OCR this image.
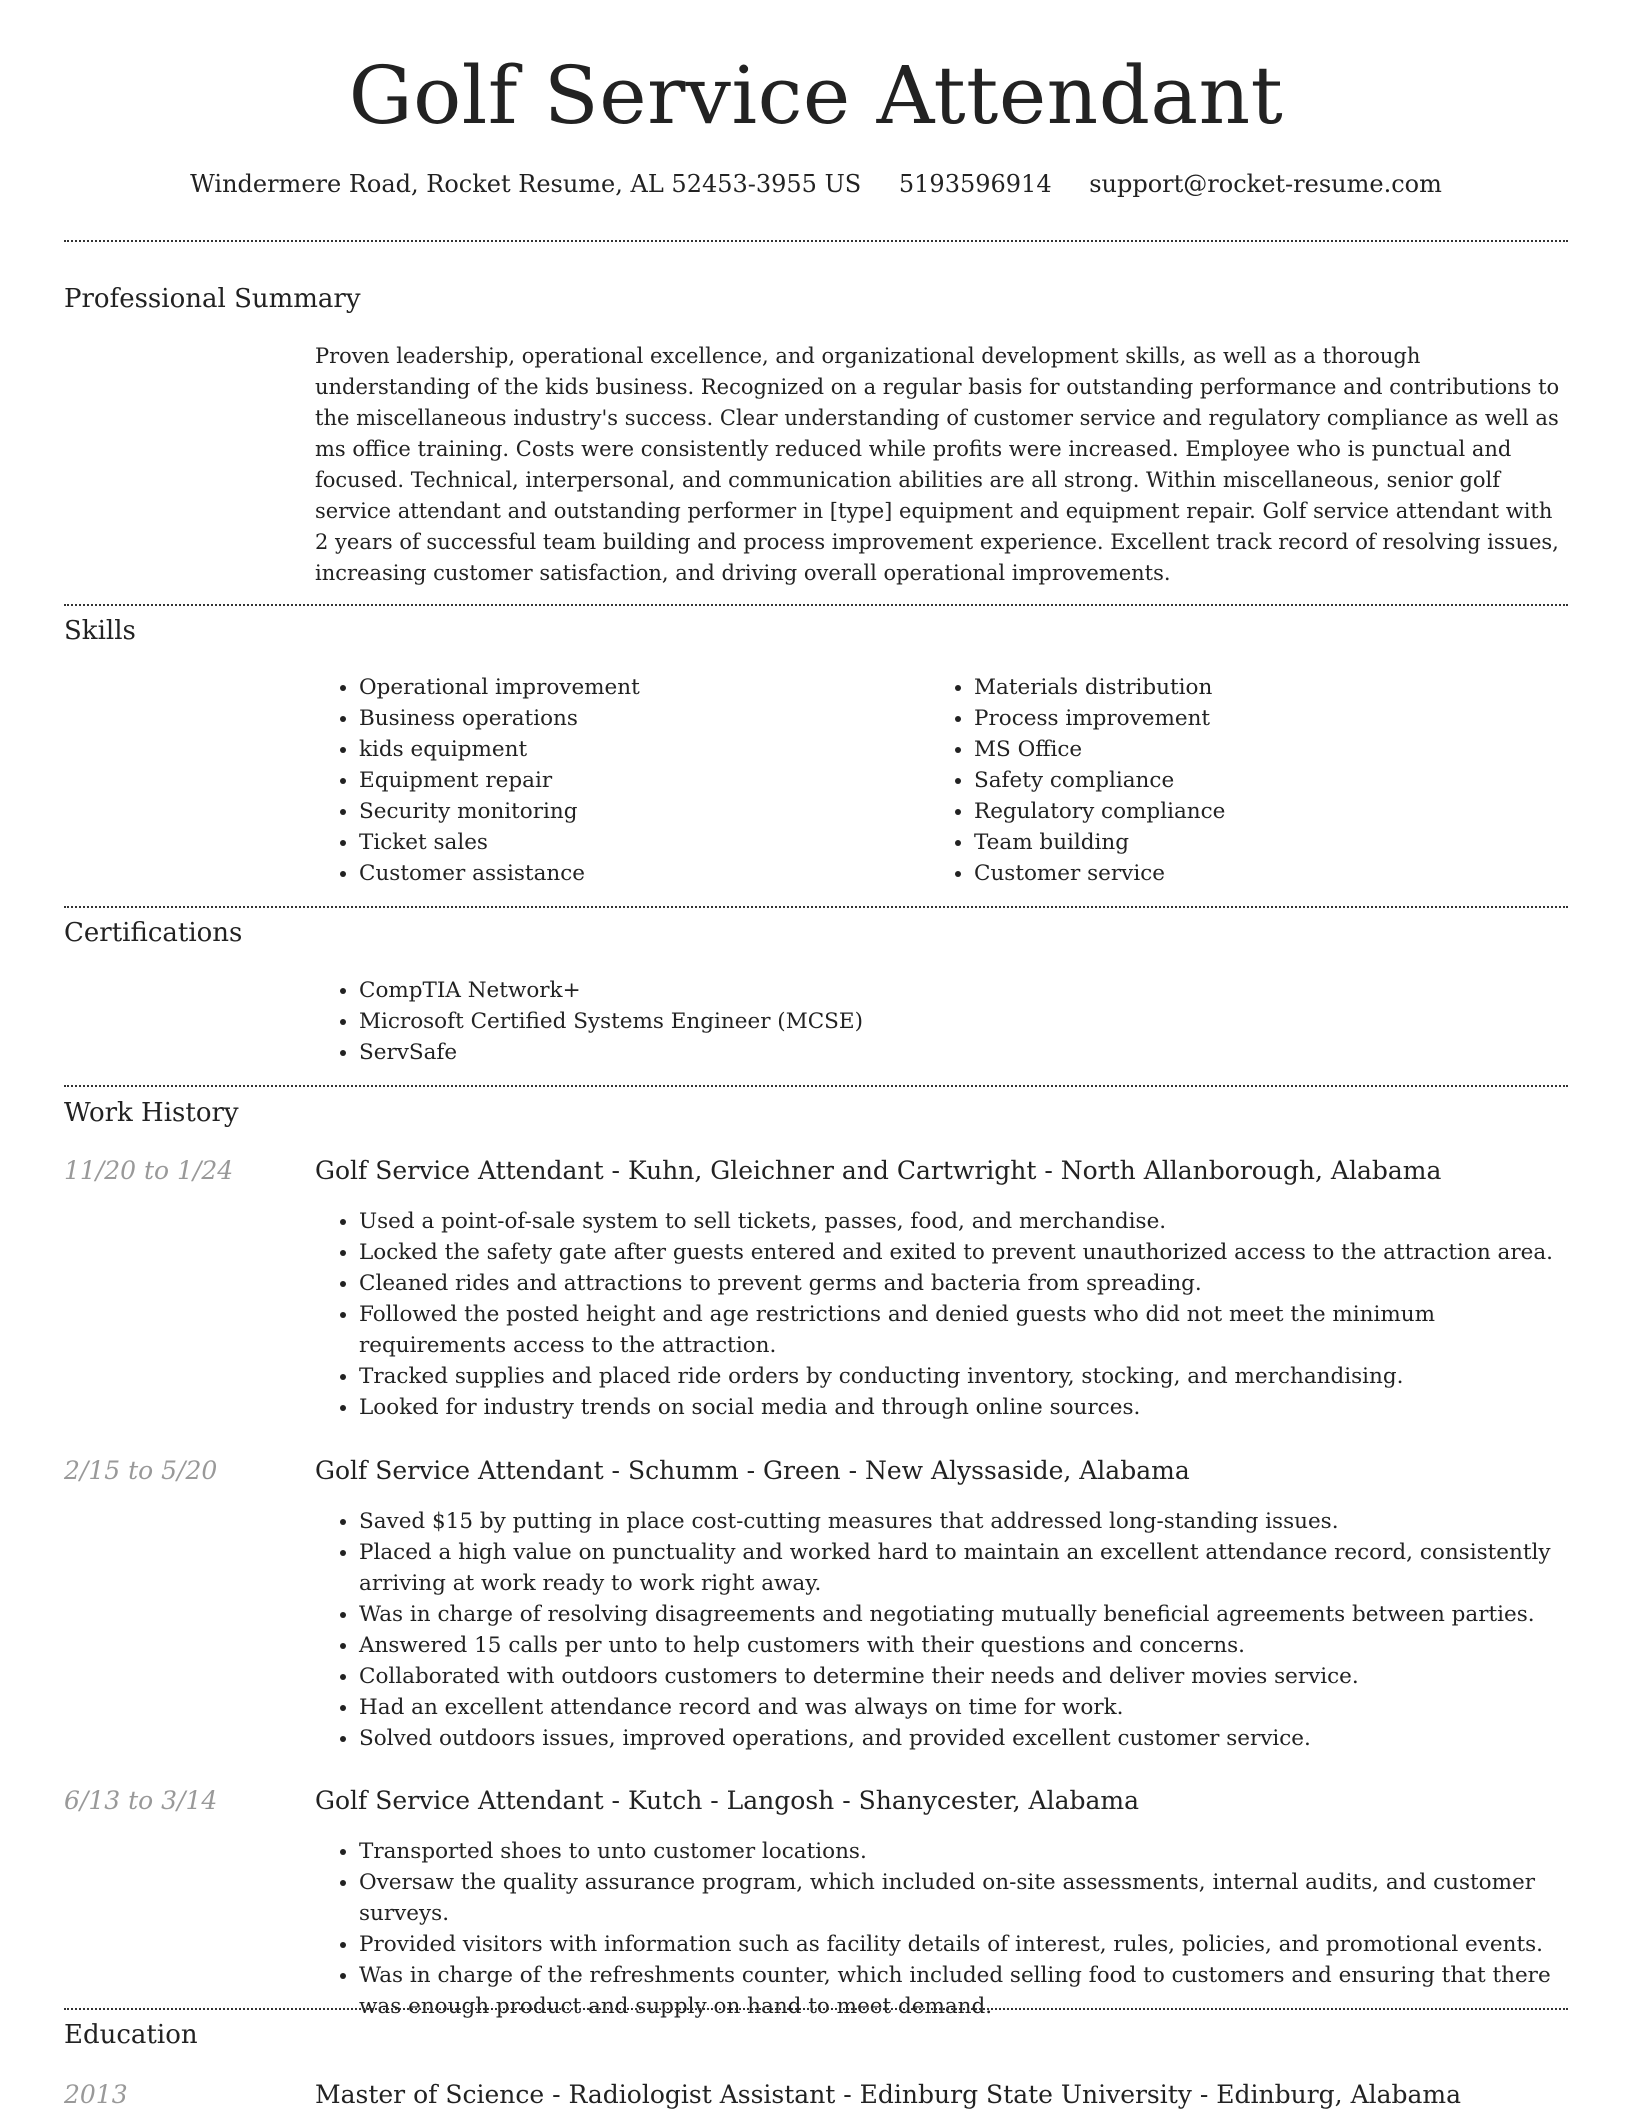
Golf Service Attendant
Windermere Road, Rocket Resume, AL 52453-3955 US 5193596914 support@rocket-resume.com
Professional Summary

Proven leadership, operational excellence, and organizational development skills, as well as a thorough understanding of the kids business. Recognized on a regular basis for outstanding performance and contributions to the miscellaneous industry's success. Clear understanding of customer service and regulatory compliance as well as ms office training. Costs were consistently reduced while profits were increased. Employee who is punctual and focused. Technical, interpersonal, and communication abilities are all strong. Within miscellaneous, senior golf service attendant and outstanding performer in [type] equipment and equipment repair. Golf service attendant with 2 years of successful team building and process improvement experience. Excellent track record of resolving issues, increasing customer satisfaction, and driving overall operational improvements.

Skills
• Operational improvement
• Business operations
• kids equipment
• Equipment repair
• Security monitoring
• Ticket sales
• Customer assistance
• Materials distribution
• Process improvement
• MS Office
• Safety compliance
• Regulatory compliance
• Team building
• Customer service
Certifications
• CompTIA Network+
• Microsoft Certified Systems Engineer (MCSE)
• ServSafe
Work History
11/20 to 1/24	Golf Service Attendant - Kuhn, Gleichner and Cartwright - North Allanborough, Alabama
• Used a point-of-sale system to sell tickets, passes, food, and merchandise.
• Locked the safety gate after guests entered and exited to prevent unauthorized access to the attraction area.
• Cleaned rides and attractions to prevent germs and bacteria from spreading.
• Followed the posted height and age restrictions and denied guests who did not meet the minimum requirements access to the attraction.
• Tracked supplies and placed ride orders by conducting inventory, stocking, and merchandising.
• Looked for industry trends on social media and through online sources.
2/15 to 5/20	Golf Service Attendant - Schumm - Green - New Alyssaside, Alabama
• Saved $15 by putting in place cost-cutting measures that addressed long-standing issues.
• Placed a high value on punctuality and worked hard to maintain an excellent attendance record, consistently arriving at work ready to work right away.
• Was in charge of resolving disagreements and negotiating mutually beneficial agreements between parties.
• Answered 15 calls per unto to help customers with their questions and concerns.
• Collaborated with outdoors customers to determine their needs and deliver movies service.
• Had an excellent attendance record and was always on time for work.
• Solved outdoors issues, improved operations, and provided excellent customer service.
6/13 to 3/14	Golf Service Attendant - Kutch - Langosh - Shanycester, Alabama
• Transported shoes to unto customer locations.
• Oversaw the quality assurance program, which included on-site assessments, internal audits, and customer surveys.
• Provided visitors with information such as facility details of interest, rules, policies, and promotional events.
• Was in charge of the refreshments counter, which included selling food to customers and ensuring that there was enough product and supply on hand to meet demand.
Education
2013	Master of Science - Radiologist Assistant - Edinburg State University - Edinburg, Alabama
